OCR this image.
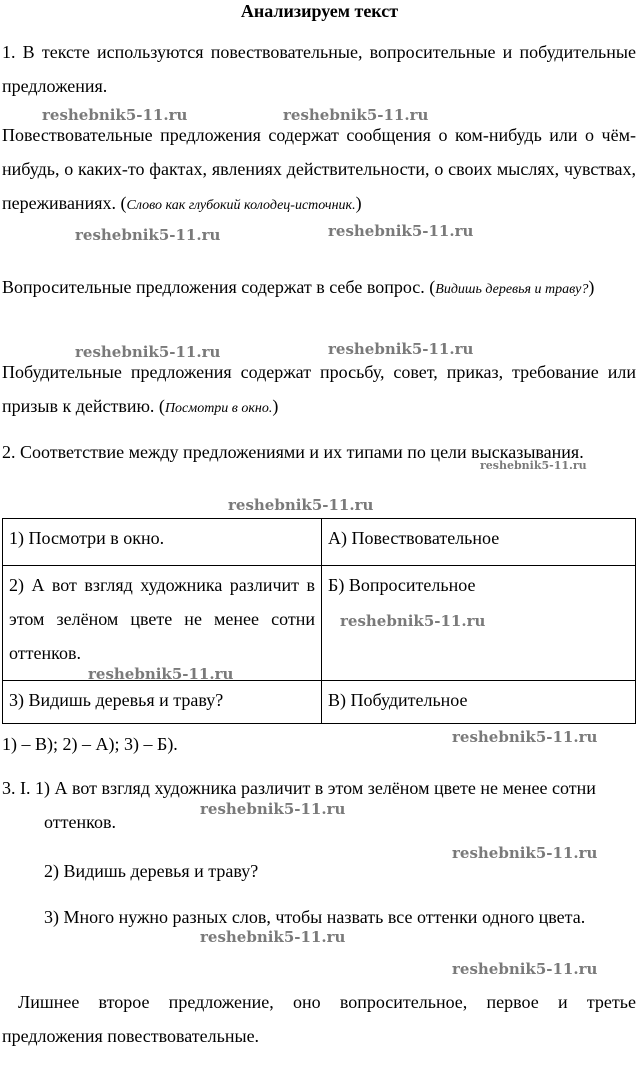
Анализируем текст

1. В тексте используются повествовательные, вопросительные и побудительные предложения.

Повествовательные предложения содержат сообщения о ком-нибудь или о чём-нибудь, о каких-то фактах, явлениях действительности, о своих мыслях, чувствах, переживаниях. (Слово как глубокий колодец-источник.)

Вопросительные предложения содержат в себе вопрос. (Видишь деревья и траву?)

Побудительные предложения содержат просьбу, совет, приказ, требование или призыв к действию. (Посмотри в окно.)

2. Соответствие между предложениями и их типами по цели высказывания.

1) Посмотри в окно.	А) Повествовательное
2) А вот взгляд художника различит в этом зелёном цвете не менее сотни оттенков.	Б) Вопросительное
3) Видишь деревья и траву?	В) Побудительное

1) – В); 2) – А); 3) – Б).

3. I. 1) А вот взгляд художника различит в этом зелёном цвете не менее сотни оттенков.

2) Видишь деревья и траву?

3) Много нужно разных слов, чтобы назвать все оттенки одного цвета.

Лишнее второе предложение, оно вопросительное, первое и третье предложения повествовательные.

reshebnik5-11.ru	reshebnik5-11.ru
reshebnik5-11.ru	reshebnik5-11.ru
reshebnik5-11.ru	reshebnik5-11.ru
reshebnik5-11.ru
reshebnik5-11.ru
reshebnik5-11.ru
reshebnik5-11.ru
reshebnik5-11.ru
reshebnik5-11.ru
reshebnik5-11.ru
reshebnik5-11.ru
reshebnik5-11.ru
